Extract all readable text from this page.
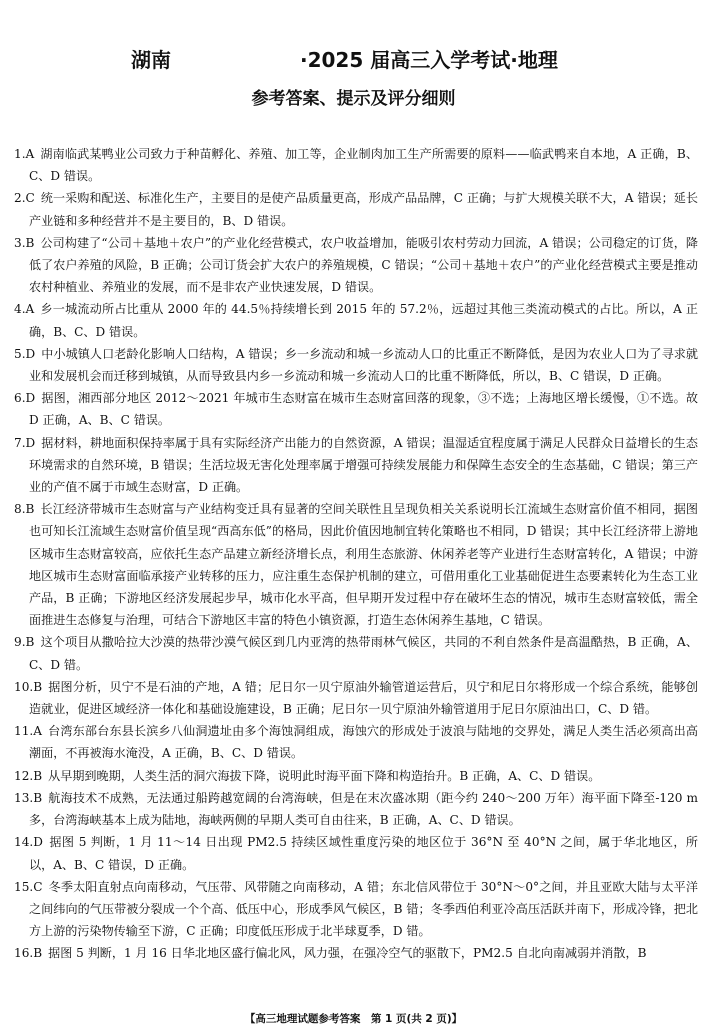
湖南	·2025 届高三入学考试·地理
参考答案、提示及评分细则

1.A 湖南临武某鸭业公司致力于种苗孵化、养殖、加工等，企业制肉加工生产所需要的原料——临武鸭来自本地，A 正确，B、C、D 错误。

2.C 统一采购和配送、标准化生产，主要目的是使产品质量更高，形成产品品牌，C 正确；与扩大规模关联不大，A 错误；延长产业链和多种经营并不是主要目的，B、D 错误。

3.B 公司构建了“公司＋基地＋农户”的产业化经营模式，农户收益增加，能吸引农村劳动力回流，A 错误；公司稳定的订货，降低了农户养殖的风险，B 正确；公司订货会扩大农户的养殖规模，C 错误；“公司＋基地＋农户”的产业化经营模式主要是推动农村种植业、养殖业的发展，而不是非农产业快速发展，D 错误。

4.A 乡一城流动所占比重从 2000 年的 44.5％持续增长到 2015 年的 57.2％，远超过其他三类流动模式的占比。所以，A 正确，B、C、D 错误。

5.D 中小城镇人口老龄化影响人口结构，A 错误；乡一乡流动和城一乡流动人口的比重正不断降低，是因为农业人口为了寻求就业和发展机会而迁移到城镇，从而导致县内乡一乡流动和城一乡流动人口的比重不断降低，所以，B、C 错误，D 正确。

6.D 据图，湘西部分地区 2012～2021 年城市生态财富在城市生态财富回落的现象，③不选；上海地区增长缓慢，①不选。故 D 正确，A、B、C 错误。

7.D 据材料，耕地面积保持率属于具有实际经济产出能力的自然资源，A 错误；温湿适宜程度属于满足人民群众日益增长的生态环境需求的自然环境，B 错误；生活垃圾无害化处理率属于增强可持续发展能力和保障生态安全的生态基础，C 错误；第三产业的产值不属于市域生态财富，D 正确。

8.B 长江经济带城市生态财富与产业结构变迁具有显著的空间关联性且呈现负相关关系说明长江流域生态财富价值不相同，据图也可知长江流域生态财富价值呈现“西高东低”的格局，因此价值因地制宜转化策略也不相同，D 错误；其中长江经济带上游地区城市生态财富较高，应依托生态产品建立新经济增长点，利用生态旅游、休闲养老等产业进行生态财富转化，A 错误；中游地区城市生态财富面临承接产业转移的压力，应注重生态保护机制的建立，可借用重化工业基础促进生态要素转化为生态工业产品，B 正确；下游地区经济发展起步早，城市化水平高，但早期开发过程中存在破坏生态的情况，城市生态财富较低，需全面推进生态修复与治理，可结合下游地区丰富的特色小镇资源，打造生态休闲养生基地，C 错误。

9.B 这个项目从撒哈拉大沙漠的热带沙漠气候区到几内亚湾的热带雨林气候区，共同的不利自然条件是高温酷热，B 正确，A、C、D 错。

10.B 据图分析，贝宁不是石油的产地，A 错；尼日尔一贝宁原油外输管道运营后，贝宁和尼日尔将形成一个综合系统，能够创造就业，促进区域经济一体化和基础设施建设，B 正确；尼日尔一贝宁原油外输管道用于尼日尔原油出口，C、D 错。

11.A 台湾东部台东县长滨乡八仙洞遗址由多个海蚀洞组成，海蚀穴的形成处于波浪与陆地的交界处，满足人类生活必须高出高潮面，不再被海水淹没，A 正确，B、C、D 错误。

12.B 从早期到晚期，人类生活的洞穴海拔下降，说明此时海平面下降和构造抬升。B 正确，A、C、D 错误。

13.B 航海技术不成熟，无法通过船跨越宽阔的台湾海峡，但是在末次盛冰期（距今约 240～200 万年）海平面下降至-120 m 多，台湾海峡基本上成为陆地，海峡两侧的早期人类可自由往来，B 正确，A、C、D 错误。

14.D 据图 5 判断，1 月 11～14 日出现 PM2.5 持续区域性重度污染的地区位于 36°N 至 40°N 之间，属于华北地区，所以，A、B、C 错误，D 正确。

15.C 冬季太阳直射点向南移动，气压带、风带随之向南移动，A 错；东北信风带位于 30°N～0°之间，并且亚欧大陆与太平洋之间纬向的气压带被分裂成一个个高、低压中心，形成季风气候区，B 错；冬季西伯利亚冷高压活跃并南下，形成冷锋，把北方上游的污染物传输至下游，C 正确；印度低压形成于北半球夏季，D 错。

16.B 据图 5 判断，1 月 16 日华北地区盛行偏北风，风力强，在强冷空气的驱散下，PM2.5 自北向南减弱并消散，B

【高三地理试题参考答案　第 1 页(共 2 页)】
